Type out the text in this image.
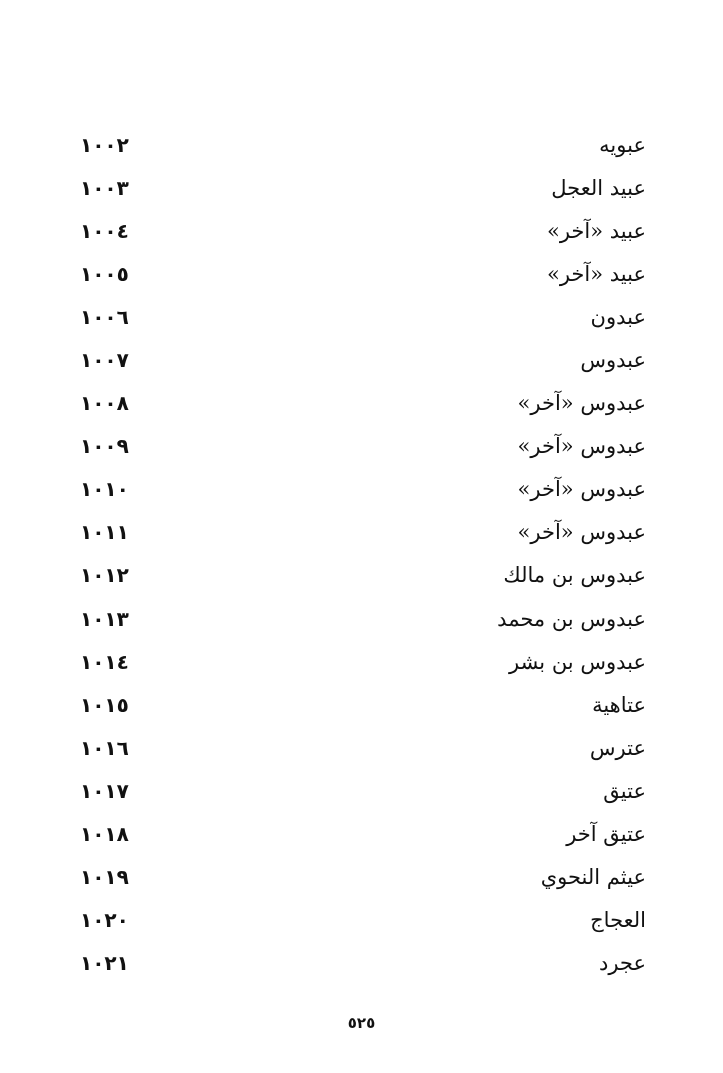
عبويه
١٠٠٢
عبيد العجل
١٠٠٣
عبيد «آخر»
١٠٠٤
عبيد «آخر»
١٠٠٥
عبدون
١٠٠٦
عبدوس
١٠٠٧
عبدوس «آخر»
١٠٠٨
عبدوس «آخر»
١٠٠٩
عبدوس «آخر»
١٠١٠
عبدوس «آخر»
١٠١١
عبدوس بن مالك
١٠١٢
عبدوس بن محمد
١٠١٣
عبدوس بن بشر
١٠١٤
عتاهية
١٠١٥
عترس
١٠١٦
عتيق
١٠١٧
عتيق آخر
١٠١٨
عيثم النحوي
١٠١٩
العجاج
١٠٢٠
عجرد
١٠٢١
٥٢٥
